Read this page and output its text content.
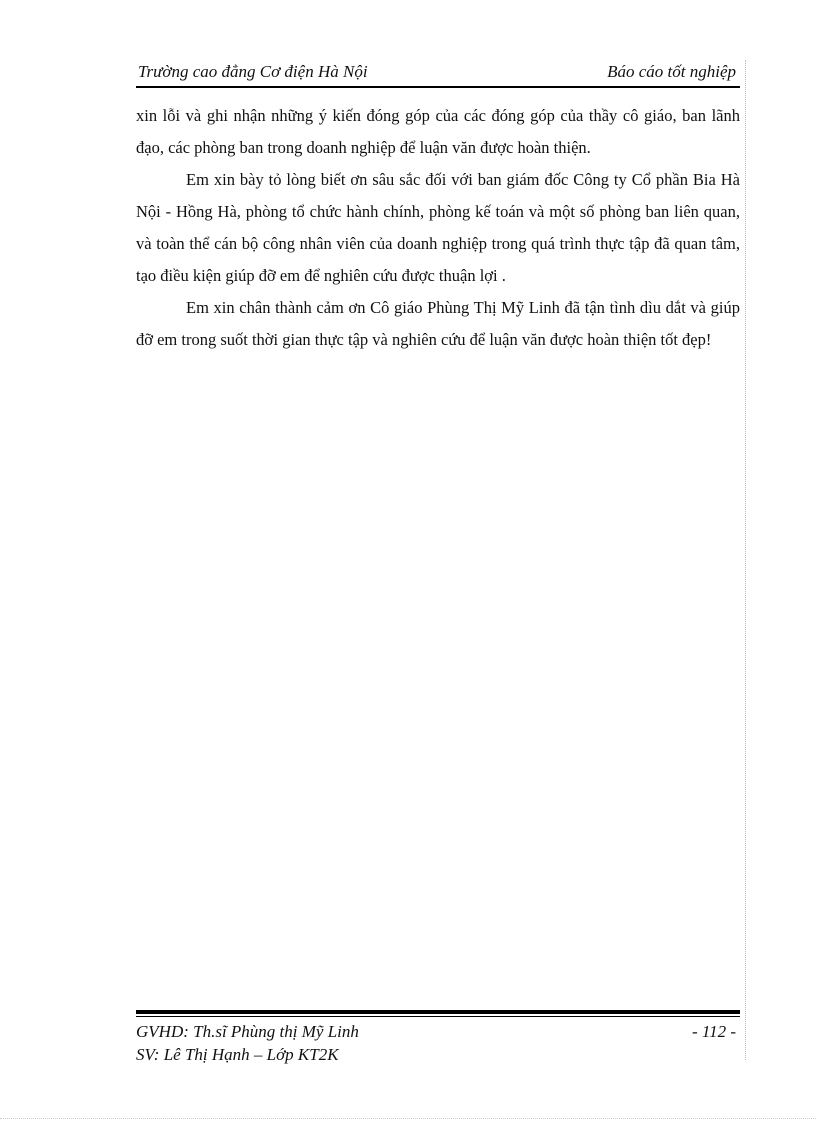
Trường cao đẳng Cơ điện Hà Nội	Báo cáo tốt nghiệp

xin lỗi và ghi nhận những ý kiến đóng góp của các đóng góp của thầy cô giáo, ban lãnh đạo, các phòng ban trong doanh nghiệp để luận văn được hoàn thiện.

Em xin bày tỏ lòng biết ơn sâu sắc đối với ban giám đốc Công ty Cổ phần Bia Hà Nội - Hồng Hà, phòng tổ chức hành chính, phòng kế toán và một số phòng ban liên quan, và toàn thể cán bộ công nhân viên của doanh nghiệp trong quá trình thực tập đã quan tâm, tạo điều kiện giúp đỡ em để nghiên cứu được thuận lợi .

Em xin chân thành cảm ơn Cô giáo Phùng Thị Mỹ Linh đã tận tình dìu dắt và giúp đỡ em trong suốt thời gian thực tập và nghiên cứu để luận văn được hoàn thiện tốt đẹp!

GVHD: Th.sĩ Phùng thị Mỹ Linh	- 112 -
SV: Lê Thị Hạnh – Lớp KT2K
